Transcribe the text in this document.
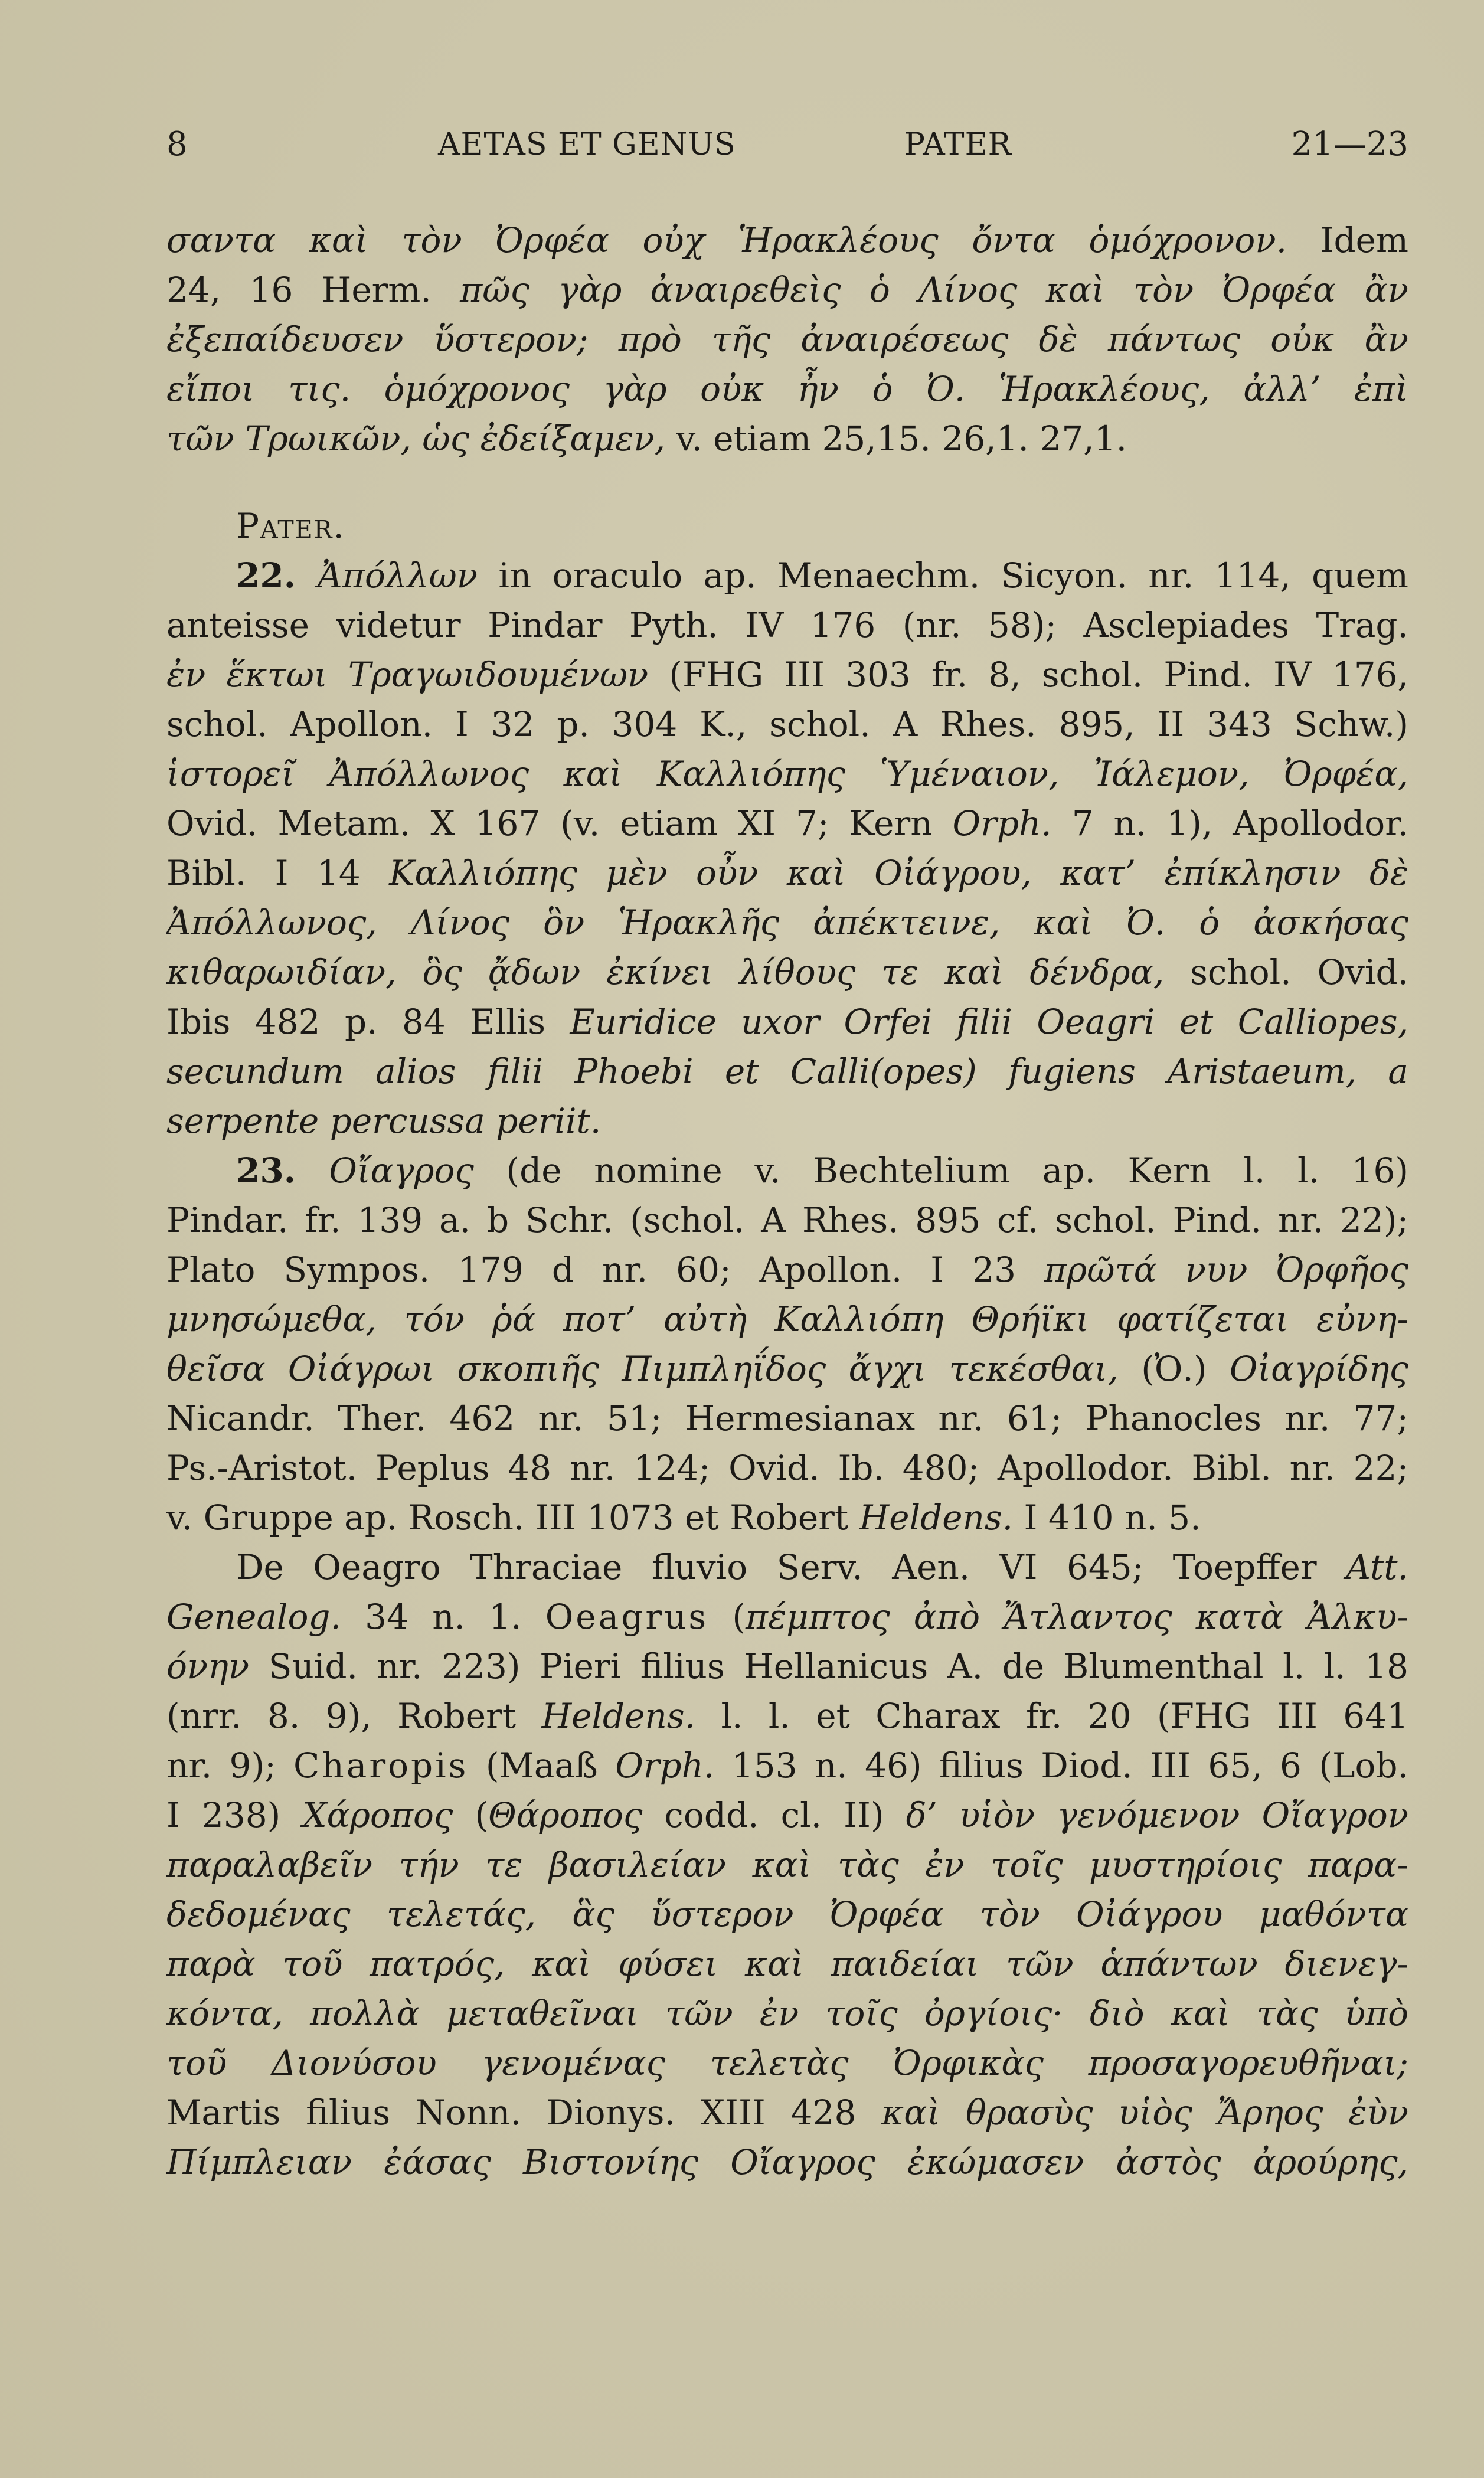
8	AETAS ET GENUS	PATER	21—23
σαντα καὶ τὸν Ὀρφέα οὐχ Ἡρακλέους ὄντα ὁμόχρονον. Idem
24, 16 Herm. πῶς γὰρ ἀναιρεθεὶς ὁ Λίνος καὶ τὸν Ὀρφέα ἂν
ἐξεπαίδευσεν ὕστερον; πρὸ τῆς ἀναιρέσεως δὲ πάντως οὐκ ἂν
εἴποι τις. ὁμόχρονος γὰρ οὐκ ἦν ὁ Ὀ. Ἡρακλέους, ἀλλ’ ἐπὶ
τῶν Τρωικῶν, ὡς ἐδείξαμεν, v. etiam 25,15. 26,1. 27,1.
Pater.
22. Ἀπόλλων in oraculo ap. Menaechm. Sicyon. nr. 114, quem
anteisse videtur Pindar Pyth. IV 176 (nr. 58); Asclepiades Trag.
ἐν ἕκτωι Τραγωιδουμένων (FHG III 303 fr. 8, schol. Pind. IV 176,
schol. Apollon. I 32 p. 304 K., schol. A Rhes. 895, II 343 Schw.)
ἱστορεῖ Ἀπόλλωνος καὶ Καλλιόπης Ὑμέναιον, Ἰάλεμον, Ὀρφέα,
Ovid. Metam. X 167 (v. etiam XI 7; Kern Orph. 7 n. 1), Apollodor.
Bibl. I 14 Καλλιόπης μὲν οὖν καὶ Οἰάγρου, κατ’ ἐπίκλησιν δὲ
Ἀπόλλωνος, Λίνος ὃν Ἡρακλῆς ἀπέκτεινε, καὶ Ὀ. ὁ ἀσκήσας
κιθαρωιδίαν, ὃς ᾄδων ἐκίνει λίθους τε καὶ δένδρα, schol. Ovid.
Ibis 482 p. 84 Ellis Euridice uxor Orfei filii Oeagri et Calliopes,
secundum alios filii Phoebi et Calli(opes) fugiens Aristaeum, a
serpente percussa periit.
23. Οἴαγρος (de nomine v. Bechtelium ap. Kern l. l. 16)
Pindar. fr. 139 a. b Schr. (schol. A Rhes. 895 cf. schol. Pind. nr. 22);
Plato Sympos. 179 d nr. 60; Apollon. I 23 πρῶτά νυν Ὀρφῆος
μνησώμεθα, τόν ῥά ποτ’ αὐτὴ Καλλιόπη Θρήϊκι φατίζεται εὐνη-
θεῖσα Οἰάγρωι σκοπιῆς Πιμπληΐδος ἄγχι τεκέσθαι, (Ὀ.) Οἰαγρίδης
Nicandr. Ther. 462 nr. 51; Hermesianax nr. 61; Phanocles nr. 77;
Ps.-Aristot. Peplus 48 nr. 124; Ovid. Ib. 480; Apollodor. Bibl. nr. 22;
v. Gruppe ap. Rosch. III 1073 et Robert Heldens. I 410 n. 5.
De Oeagro Thraciae fluvio Serv. Aen. VI 645; Toepffer Att.
Genealog. 34 n. 1. Oeagrus (πέμπτος ἀπὸ Ἄτλαντος κατὰ Ἀλκυ-
όνην Suid. nr. 223) Pieri filius Hellanicus A. de Blumenthal l. l. 18
(nrr. 8. 9), Robert Heldens. l. l. et Charax fr. 20 (FHG III 641
nr. 9); Charopis (Maaß Orph. 153 n. 46) filius Diod. III 65, 6 (Lob.
I 238) Χάροπος (Θάροπος codd. cl. II) δ’ υἱὸν γενόμενον Οἴαγρον
παραλαβεῖν τήν τε βασιλείαν καὶ τὰς ἐν τοῖς μυστηρίοις παρα-
δεδομένας τελετάς, ἃς ὕστερον Ὀρφέα τὸν Οἰάγρου μαθόντα
παρὰ τοῦ πατρός, καὶ φύσει καὶ παιδείαι τῶν ἁπάντων διενεγ-
κόντα, πολλὰ μεταθεῖναι τῶν ἐν τοῖς ὀργίοις· διὸ καὶ τὰς ὑπὸ
τοῦ Διονύσου γενομένας τελετὰς Ὀρφικὰς προσαγορευθῆναι;
Martis filius Nonn. Dionys. XIII 428 καὶ θρασὺς υἱὸς Ἄρηος ἐὺν
Πίμπλειαν ἐάσας Βιστονίης Οἴαγρος ἐκώμασεν ἀστὸς ἀρούρης,
